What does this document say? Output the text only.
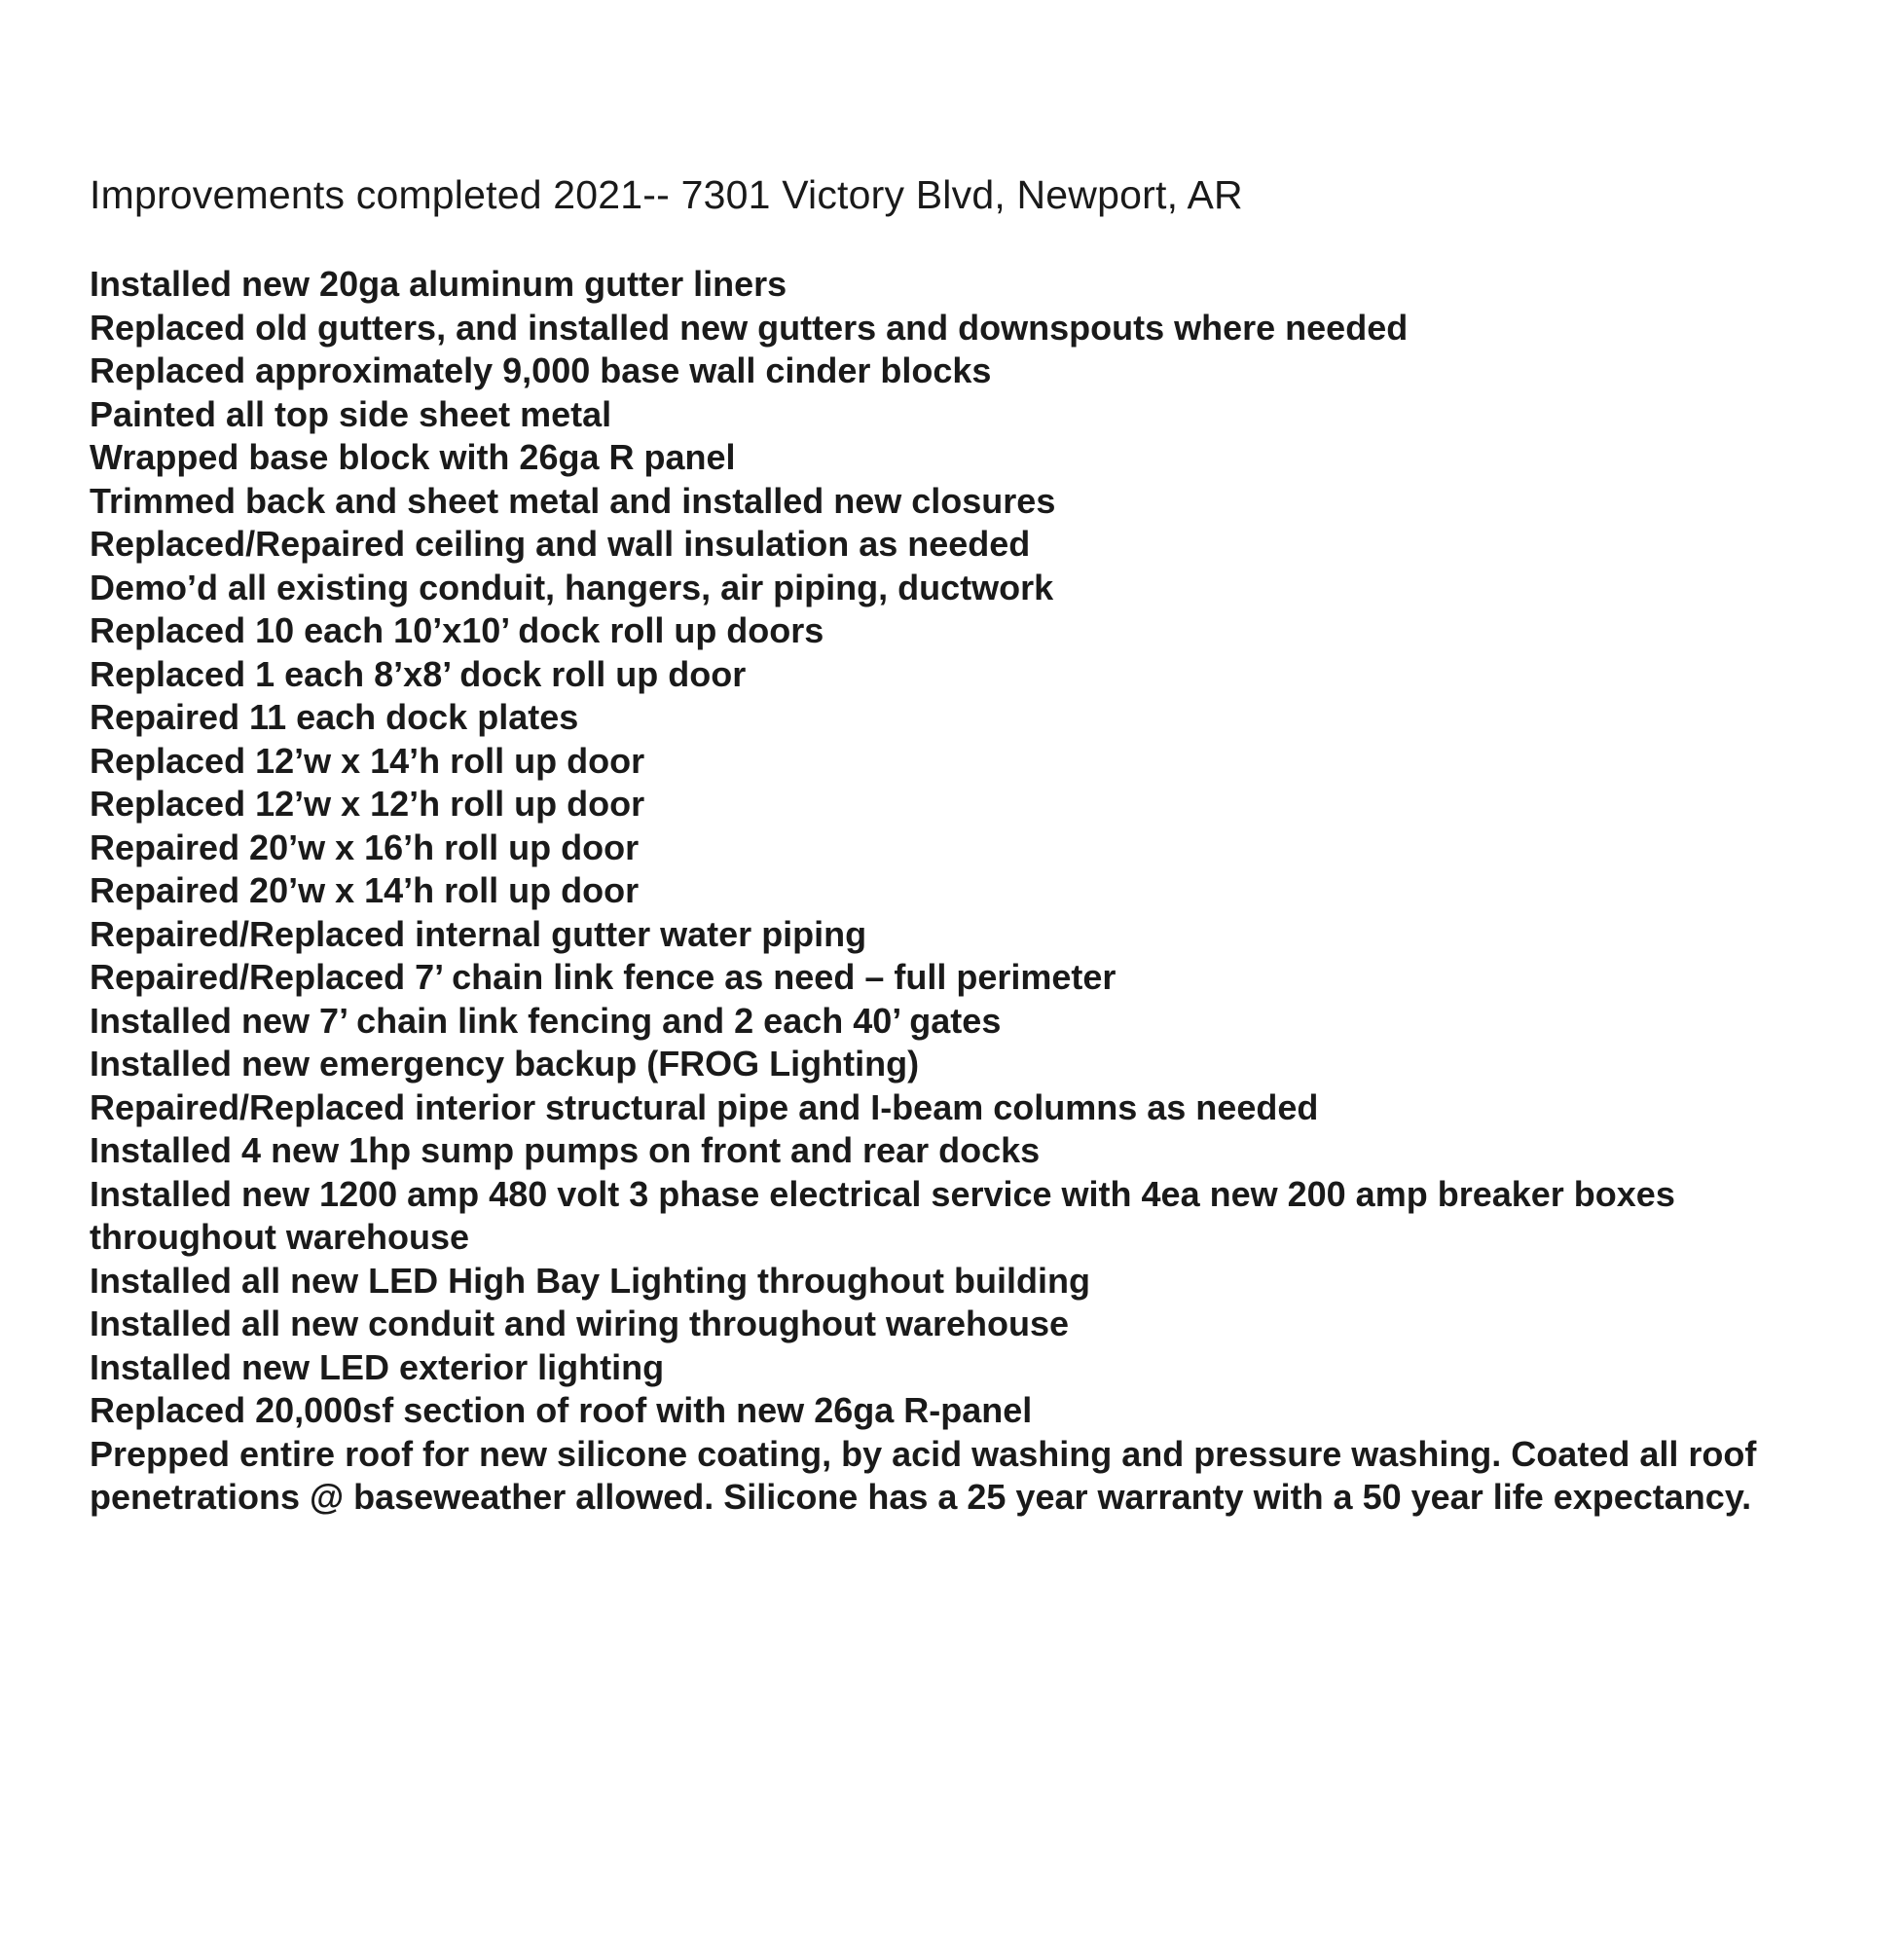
Improvements completed 2021-- 7301 Victory Blvd, Newport, AR
Installed new 20ga aluminum gutter liners
Replaced old gutters, and installed new gutters and downspouts where needed
Replaced approximately 9,000 base wall cinder blocks
Painted all top side sheet metal
Wrapped base block with 26ga R panel
Trimmed back and sheet metal and installed new closures
Replaced/Repaired ceiling and wall insulation as needed
Demo’d all existing conduit, hangers, air piping, ductwork
Replaced 10 each 10’x10’ dock roll up doors
Replaced 1 each 8’x8’ dock roll up door
Repaired 11 each dock plates
Replaced 12’w x 14’h roll up door
Replaced 12’w x 12’h roll up door
Repaired 20’w x 16’h roll up door
Repaired 20’w x 14’h roll up door
Repaired/Replaced internal gutter water piping
Repaired/Replaced 7’ chain link fence as need – full perimeter
Installed new 7’ chain link fencing and 2 each 40’ gates
Installed new emergency backup (FROG Lighting)
Repaired/Replaced interior structural pipe and I-beam columns as needed
Installed 4 new 1hp sump pumps on front and rear docks
Installed new 1200 amp 480 volt 3 phase electrical service with 4ea new 200 amp breaker boxes throughout warehouse
Installed all new LED High Bay Lighting throughout building
Installed all new conduit and wiring throughout warehouse
Installed new LED exterior lighting
Replaced 20,000sf section of roof with new 26ga R-panel
Prepped entire roof for new silicone coating, by acid washing and pressure washing. Coated all roof penetrations @ baseweather allowed. Silicone has a 25 year warranty with a 50 year life expectancy.
